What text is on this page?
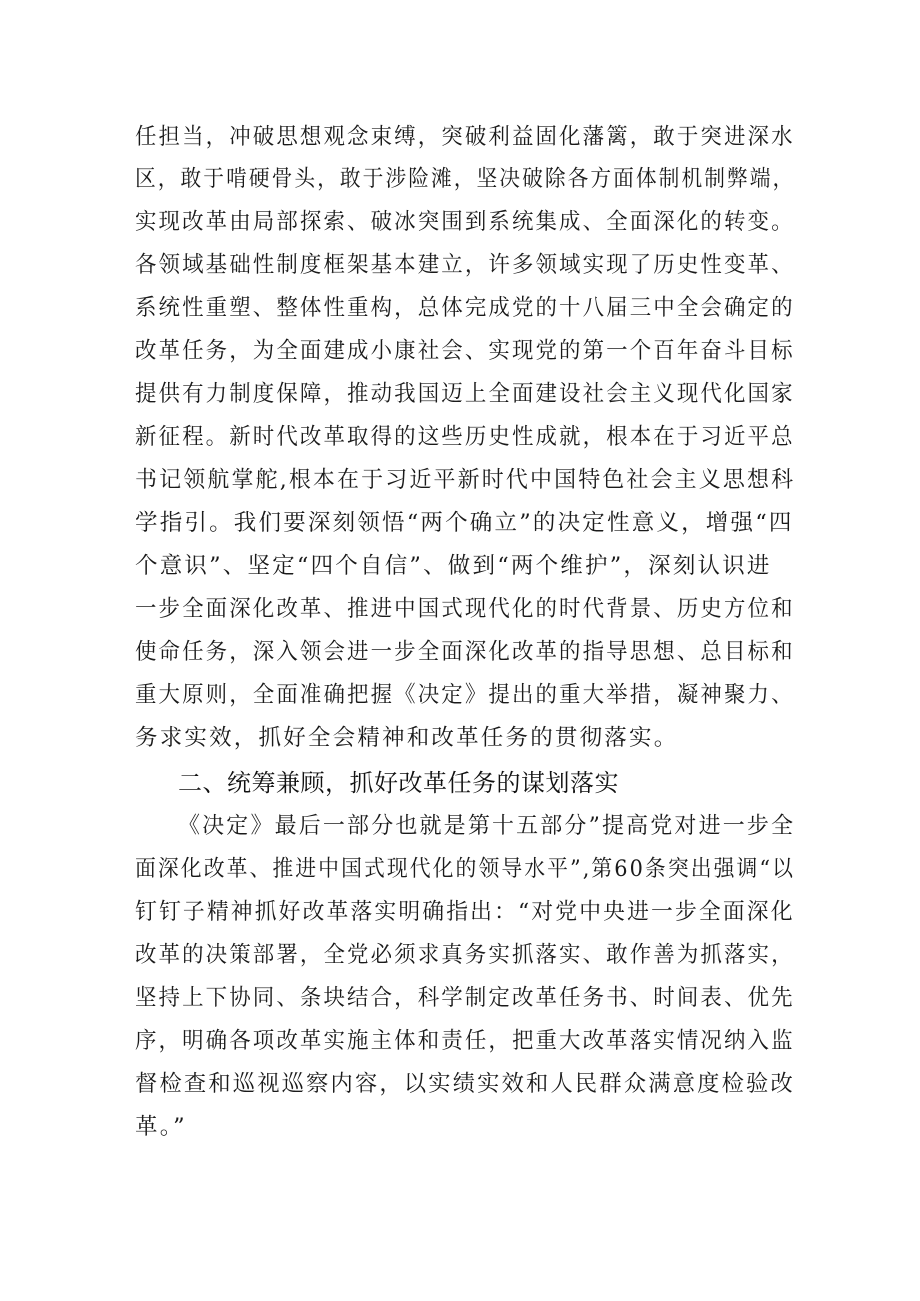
任担当，冲破思想观念束缚，突破利益固化藩篱，敢于突进深水
区，敢于啃硬骨头，敢于涉险滩，坚决破除各方面体制机制弊端，
实现改革由局部探索、破冰突围到系统集成、全面深化的转变。
各领域基础性制度框架基本建立，许多领域实现了历史性变革、
系统性重塑、整体性重构，总体完成党的十八届三中全会确定的
改革任务，为全面建成小康社会、实现党的第一个百年奋斗目标
提供有力制度保障，推动我国迈上全面建设社会主义现代化国家
新征程。新时代改革取得的这些历史性成就，根本在于习近平总
书记领航掌舵,根本在于习近平新时代中国特色社会主义思想科
学指引。我们要深刻领悟“两个确立”的决定性意义，增强“四
个意识”、坚定“四个自信”、做到“两个维护”，深刻认识进
一步全面深化改革、推进中国式现代化的时代背景、历史方位和
使命任务，深入领会进一步全面深化改革的指导思想、总目标和
重大原则，全面准确把握《决定》提出的重大举措，凝神聚力、
务求实效，抓好全会精神和改革任务的贯彻落实。
二、统筹兼顾，抓好改革任务的谋划落实
《决定》最后一部分也就是第十五部分”提高党对进一步全
面深化改革、推进中国式现代化的领导水平”,第60条突出强调“以
钉钉子精神抓好改革落实明确指出：“对党中央进一步全面深化
改革的决策部署，全党必须求真务实抓落实、敢作善为抓落实，
坚持上下协同、条块结合，科学制定改革任务书、时间表、优先
序，明确各项改革实施主体和责任，把重大改革落实情况纳入监
督检查和巡视巡察内容，以实绩实效和人民群众满意度检验改
革。”
